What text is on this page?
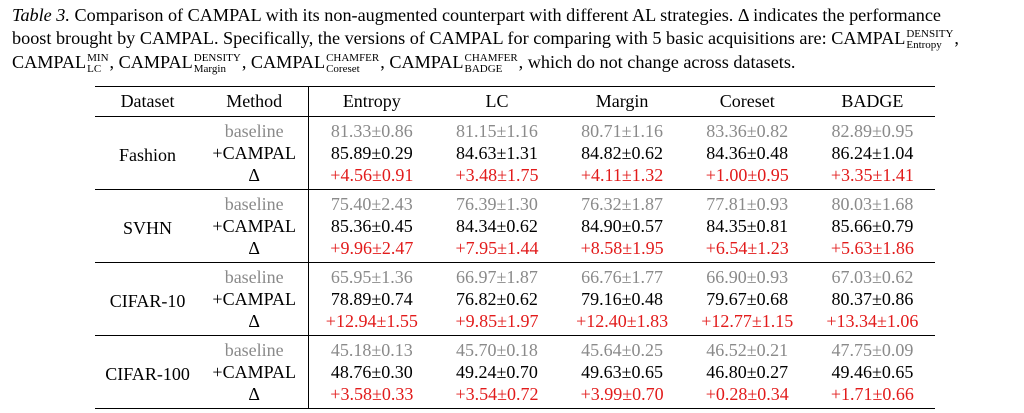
Table 3. Comparison of CAMPAL with its non-augmented counterpart with different AL strategies. Δ indicates the performance
boost brought by CAMPAL. Specifically, the versions of CAMPAL for comparing with 5 basic acquisitions are: CAMPAL DENSITY
Entropy ,
CAMPAL MIN
LC , CAMPAL DENSITY
Margin , CAMPAL CHAMFER
Coreset	, CAMPAL CHAMFER
BADGE , which do not change across datasets.
Dataset	Method	Entropy	LC	Margin	Coreset	BADGE
Fashion	baseline	81.33±0.86	81.15±1.16	80.71±1.16	83.36±0.82	82.89±0.95
	+CAMPAL	85.89±0.29	84.63±1.31	84.82±0.62	84.36±0.48	86.24±1.04
	Δ	+4.56±0.91	+3.48±1.75	+4.11±1.32	+1.00±0.95	+3.35±1.41
SVHN	baseline	75.40±2.43	76.39±1.30	76.32±1.87	77.81±0.93	80.03±1.68
	+CAMPAL	85.36±0.45	84.34±0.62	84.90±0.57	84.35±0.81	85.66±0.79
	Δ	+9.96±2.47	+7.95±1.44	+8.58±1.95	+6.54±1.23	+5.63±1.86
CIFAR-10	baseline	65.95±1.36	66.97±1.87	66.76±1.77	66.90±0.93	67.03±0.62
	+CAMPAL	78.89±0.74	76.82±0.62	79.16±0.48	79.67±0.68	80.37±0.86
	Δ	+12.94±1.55	+9.85±1.97	+12.40±1.83	+12.77±1.15	+13.34±1.06
CIFAR-100	baseline	45.18±0.13	45.70±0.18	45.64±0.25	46.52±0.21	47.75±0.09
	+CAMPAL	48.76±0.30	49.24±0.70	49.63±0.65	46.80±0.27	49.46±0.65
	Δ	+3.58±0.33	+3.54±0.72	+3.99±0.70	+0.28±0.34	+1.71±0.66
